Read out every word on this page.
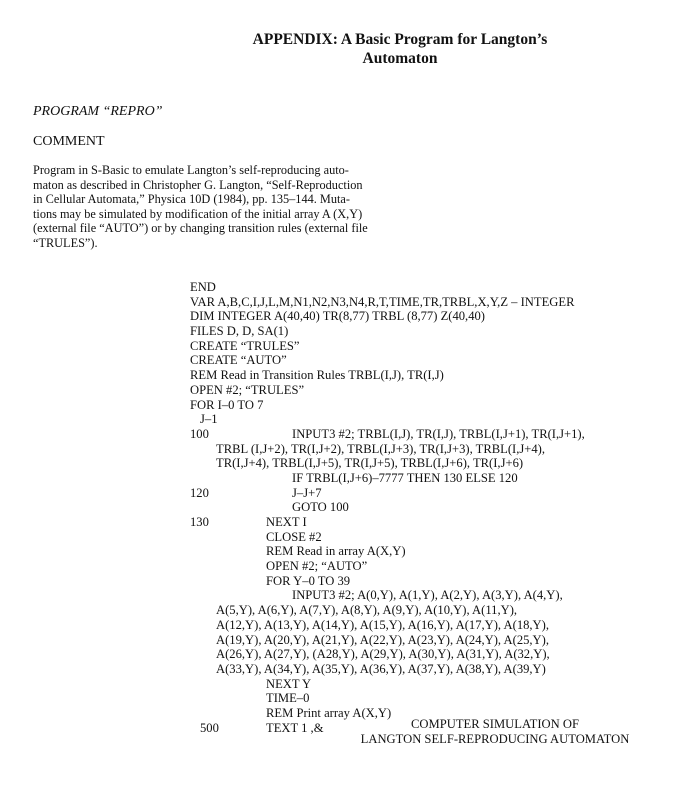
APPENDIX: A Basic Program for Langton’s
Automaton
PROGRAM “REPRO”
COMMENT
Program in S-Basic to emulate Langton’s self-reproducing auto-
maton as described in Christopher G. Langton, “Self-Reproduction
in Cellular Automata,” Physica 10D (1984), pp. 135–144. Muta-
tions may be simulated by modification of the initial array A (X,Y)
(external file “AUTO”) or by changing transition rules (external file
“TRULES”).
END
VAR A,B,C,I,J,L,M,N1,N2,N3,N4,R,T,TIME,TR,TRBL,X,Y,Z – INTEGER
DIM INTEGER A(40,40) TR(8,77) TRBL (8,77) Z(40,40)
FILES D, D, SA(1)
CREATE “TRULES”
CREATE “AUTO”
REM Read in Transition Rules TRBL(I,J), TR(I,J)
OPEN #2; “TRULES”
FOR I–0 TO 7
J–1
100	INPUT3 #2; TRBL(I,J), TR(I,J), TRBL(I,J+1), TR(I,J+1),
TRBL (I,J+2), TR(I,J+2), TRBL(I,J+3), TR(I,J+3), TRBL(I,J+4),
TR(I,J+4), TRBL(I,J+5), TR(I,J+5), TRBL(I,J+6), TR(I,J+6)
IF TRBL(I,J+6)–7777 THEN 130 ELSE 120
120	J–J+7
GOTO 100
130	NEXT I
CLOSE #2
REM Read in array A(X,Y)
OPEN #2; “AUTO”
FOR Y–0 TO 39
INPUT3 #2; A(0,Y), A(1,Y), A(2,Y), A(3,Y), A(4,Y),
A(5,Y), A(6,Y), A(7,Y), A(8,Y), A(9,Y), A(10,Y), A(11,Y),
A(12,Y), A(13,Y), A(14,Y), A(15,Y), A(16,Y), A(17,Y), A(18,Y),
A(19,Y), A(20,Y), A(21,Y), A(22,Y), A(23,Y), A(24,Y), A(25,Y),
A(26,Y), A(27,Y), (A28,Y), A(29,Y), A(30,Y), A(31,Y), A(32,Y),
A(33,Y), A(34,Y), A(35,Y), A(36,Y), A(37,Y), A(38,Y), A(39,Y)
NEXT Y
TIME–0
REM Print array A(X,Y)
500	TEXT 1 ,&	COMPUTER SIMULATION OF
LANGTON SELF-REPRODUCING AUTOMATON
